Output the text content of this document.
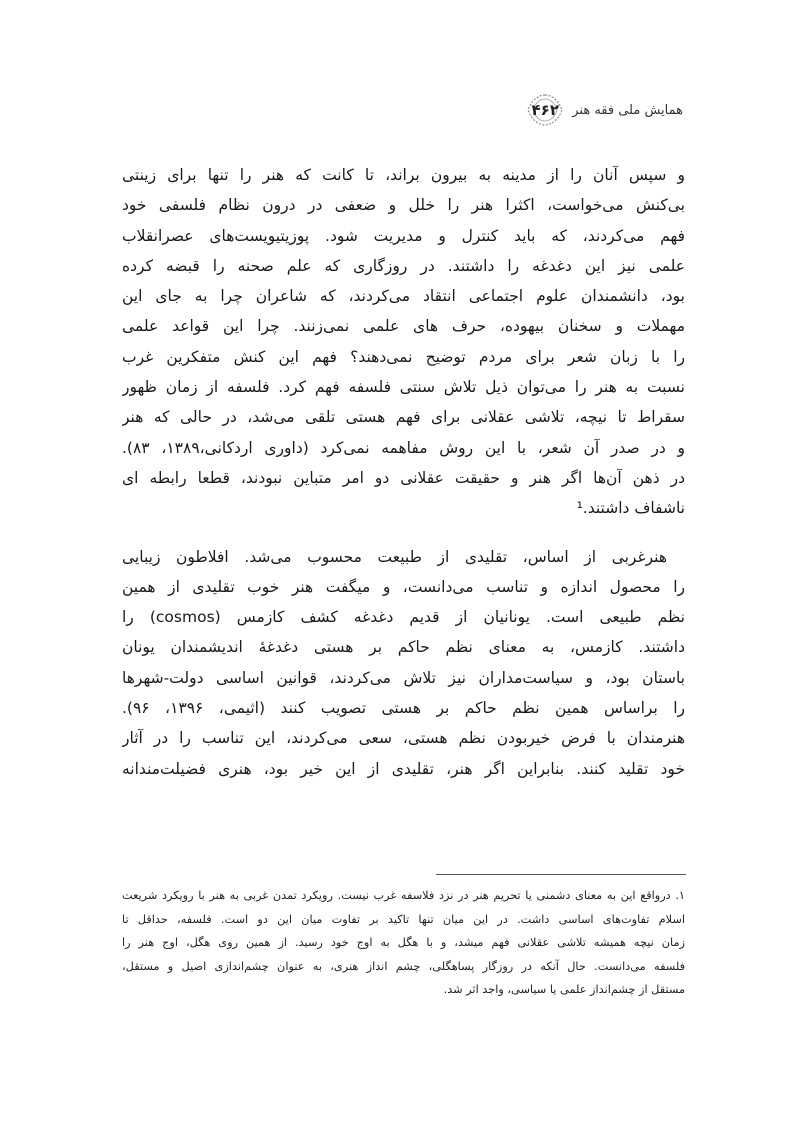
۴۶۲ همایش ملی فقه هنر
و سپس آنان را از مدینه به بیرون براند، تا کانت که هنر را تنها برای زینتی
بی‌کنش می‌خواست، اکثرا هنر را خلل و ضعفی در درون نظام فلسفی خود
فهم می‌کردند، که باید کنترل و مدیریت شود. پوزیتیویست‌های عصرانقلاب
علمی نیز این دغدغه را داشتند. در روزگاری که علم صحنه را قبضه کرده
بود، دانشمندان علوم اجتماعی انتقاد می‌کردند، که شاعران چرا به جای این
مهملات و سخنان بیهوده، حرف های علمی نمی‌زنند. چرا این قواعد علمی
را با زبان شعر برای مردم توضیح نمی‌دهند؟ فهم این کنش متفکرین غرب
نسبت به هنر را می‌توان ذیل تلاش سنتی فلسفه فهم کرد. فلسفه از زمان ظهور
سقراط تا نیچه، تلاشی عقلانی برای فهم هستی تلقی می‌شد، در حالی که هنر
و در صدر آن شعر، با این روش مفاهمه نمی‌کرد (داوری اردکانی،۱۳۸۹، ۸۳).
در ذهن آن‌ها اگر هنر و حقیقت عقلانی دو امر متباین نبودند، قطعا رابطه ای
ناشفاف داشتند.¹
هنرغربی از اساس، تقلیدی از طبیعت محسوب می‌شد. افلاطون زیبایی
را محصول اندازه و تناسب می‌دانست، و میگفت هنر خوب تقلیدی از همین
نظم طبیعی است. یونانیان از قدیم دغدغه کشف کازمس (cosmos) را
داشتند. کازمس، به معنای نظم حاکم بر هستی دغدغهٔ اندیشمندان یونان
باستان بود، و سیاست‌مداران نیز تلاش می‌کردند، قوانین اساسی دولت-شهرها
را براساس همین نظم حاکم بر هستی تصویب کنند (اثیمی، ۱۳۹۶، ۹۶).
هنرمندان با فرض خیربودن نظم هستی، سعی می‌کردند، این تناسب را در آثار
خود تقلید کنند. بنابراین اگر هنر، تقلیدی از این خیر بود، هنری فضیلت‌مندانه
۱. درواقع این به معنای دشمنی یا تحریم هنر در نزد فلاسفه غرب نیست. رویکرد تمدن غربی به هنر با رویکرد شریعت
اسلام تفاوت‌های اساسی داشت. در این میان تنها تاکید بر تفاوت میان این دو است. فلسفه، حداقل تا
زمان نیچه همیشه تلاشی عقلانی فهم میشد، و با هگل به اوج خود رسید. از همین روی هگل، اوج هنر را
فلسفه می‌دانست. حال آنکه در روزگار پساهگلی، چشم انداز هنری، به عنوان چشم‌اندازی اصیل و مستقل،
مستقل از چشم‌انداز علمی یا سیاسی، واجد اثر شد.
